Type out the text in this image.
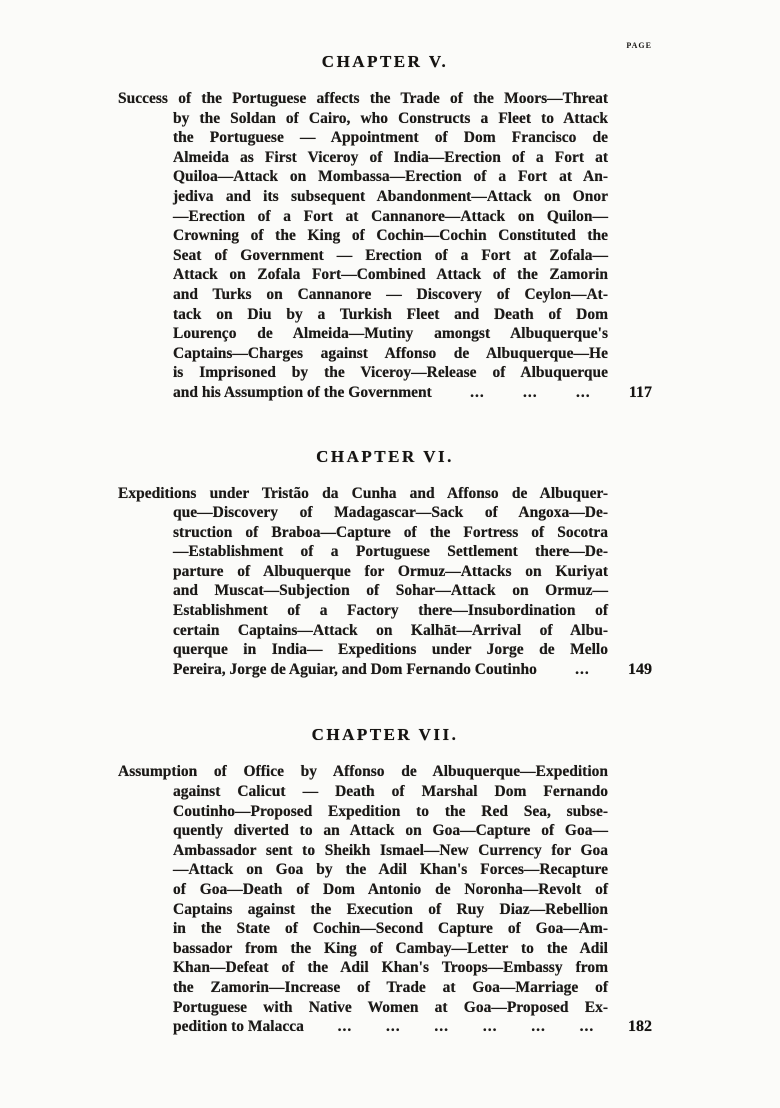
PAGE
CHAPTER V.
Success of the Portuguese affects the Trade of the Moors—Threat
by the Soldan of Cairo, who Constructs a Fleet to Attack
the Portuguese — Appointment of Dom Francisco de
Almeida as First Viceroy of India—Erection of a Fort at
Quiloa—Attack on Mombassa—Erection of a Fort at An-
jediva and its subsequent Abandonment—Attack on Onor
—Erection of a Fort at Cannanore—Attack on Quilon—
Crowning of the King of Cochin—Cochin Constituted the
Seat of Government — Erection of a Fort at Zofala—
Attack on Zofala Fort—Combined Attack of the Zamorin
and Turks on Cannanore — Discovery of Ceylon—At-
tack on Diu by a Turkish Fleet and Death of Dom
Lourenço de Almeida—Mutiny amongst Albuquerque's
Captains—Charges against Affonso de Albuquerque—He
is Imprisoned by the Viceroy—Release of Albuquerque
and his Assumption of the Government ... ... ... 117
CHAPTER VI.
Expeditions under Tristão da Cunha and Affonso de Albuquer-
que—Discovery of Madagascar—Sack of Angoxa—De-
struction of Braboa—Capture of the Fortress of Socotra
—Establishment of a Portuguese Settlement there—De-
parture of Albuquerque for Ormuz—Attacks on Kuriyat
and Muscat—Subjection of Sohar—Attack on Ormuz—
Establishment of a Factory there—Insubordination of
certain Captains—Attack on Kalhāt—Arrival of Albu-
querque in India— Expeditions under Jorge de Mello
Pereira, Jorge de Aguiar, and Dom Fernando Coutinho ... 149
CHAPTER VII.
Assumption of Office by Affonso de Albuquerque—Expedition
against Calicut — Death of Marshal Dom Fernando
Coutinho—Proposed Expedition to the Red Sea, subse-
quently diverted to an Attack on Goa—Capture of Goa—
Ambassador sent to Sheikh Ismael—New Currency for Goa
—Attack on Goa by the Adil Khan's Forces—Recapture
of Goa—Death of Dom Antonio de Noronha—Revolt of
Captains against the Execution of Ruy Diaz—Rebellion
in the State of Cochin—Second Capture of Goa—Am-
bassador from the King of Cambay—Letter to the Adil
Khan—Defeat of the Adil Khan's Troops—Embassy from
the Zamorin—Increase of Trade at Goa—Marriage of
Portuguese with Native Women at Goa—Proposed Ex-
pedition to Malacca ... ... ... ... ... ... 182
